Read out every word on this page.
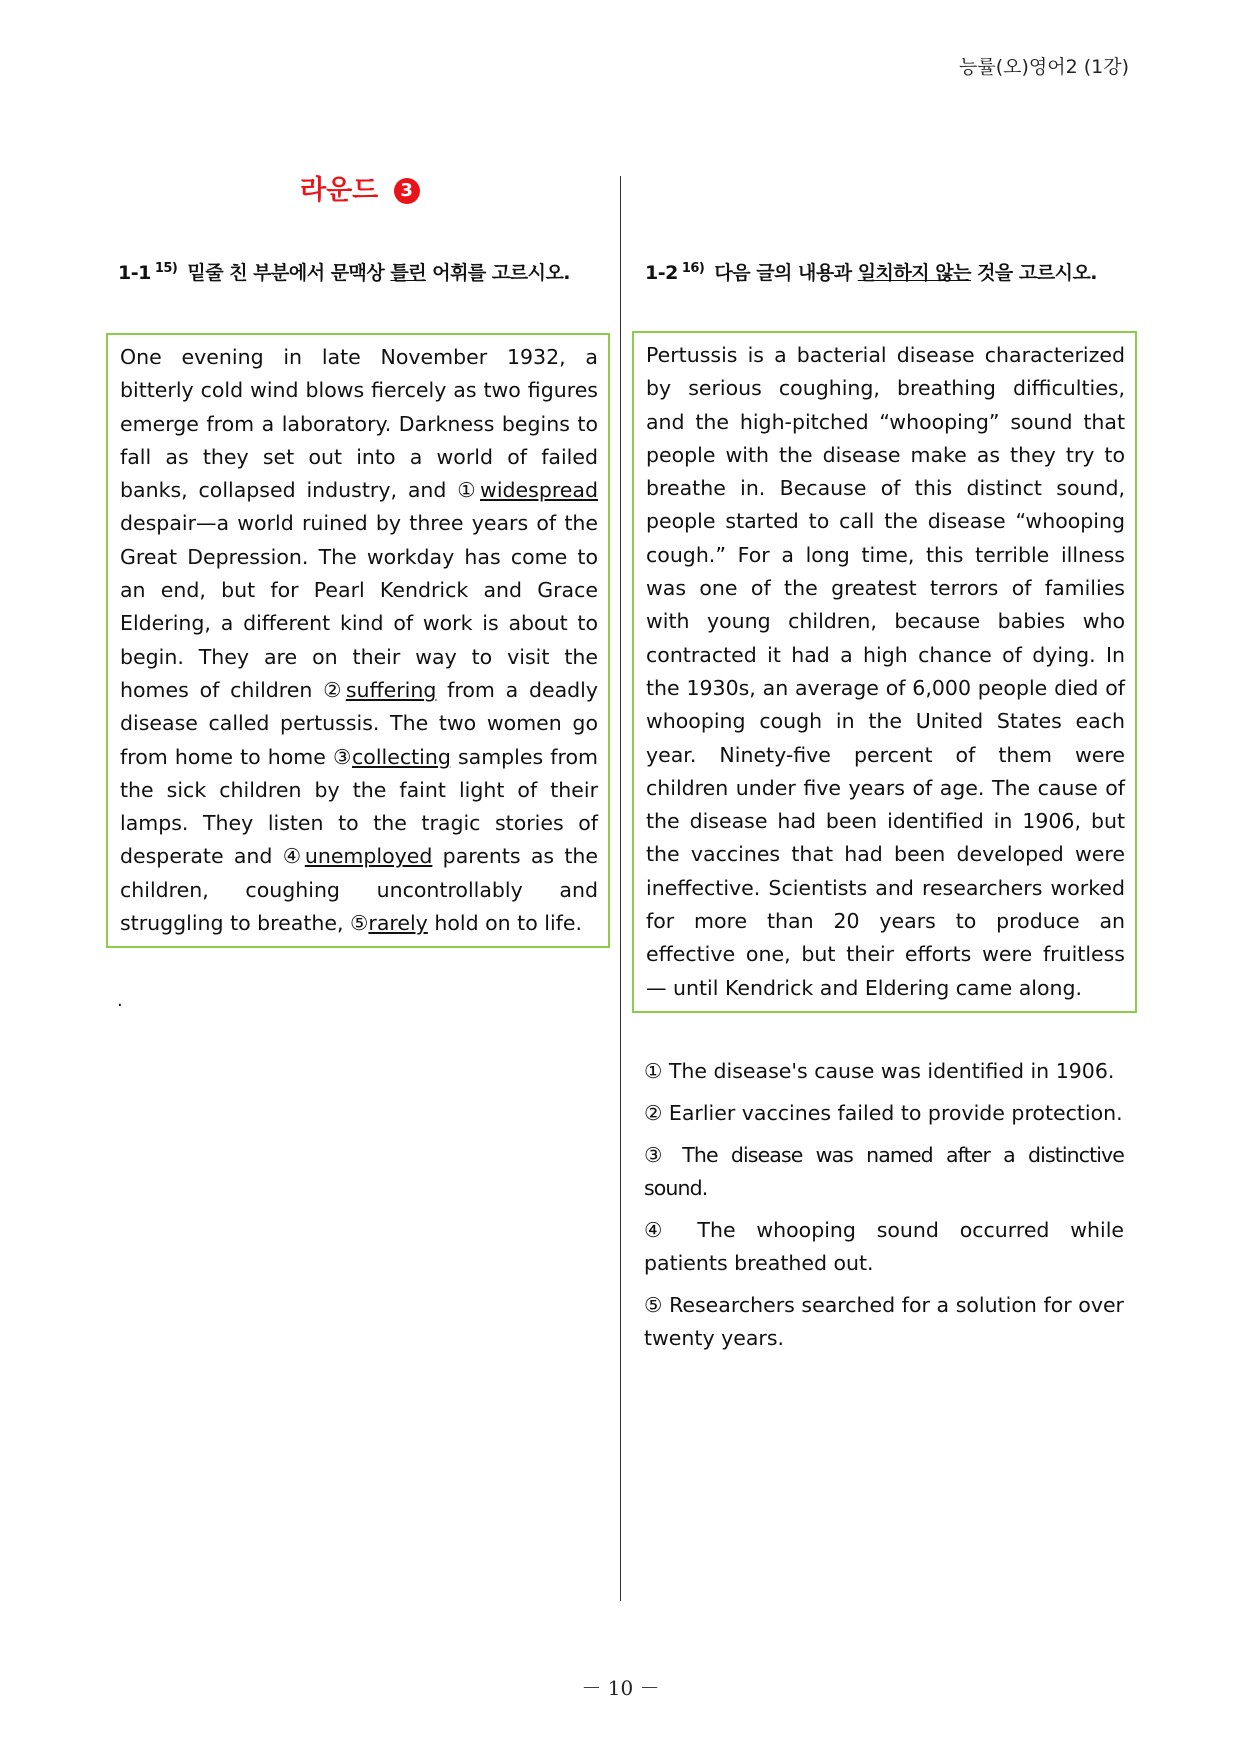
능률(오)영어2 (1강)
라운드 3
1-1 $^{15)}$ 밑줄 친 부분에서 문맥상 틀린 어휘를 고르시오.
One evening in late November 1932, a bitterly cold wind blows fiercely as two figures emerge from a laboratory. Darkness begins to fall as they set out into a world of failed banks, collapsed industry, and ①widespread despair—a world ruined by three years of the Great Depression. The workday has come to an end, but for Pearl Kendrick and Grace Eldering, a different kind of work is about to begin. They are on their way to visit the homes of children ②suffering from a deadly disease called pertussis. The two women go from home to home ③collecting samples from the sick children by the faint light of their lamps. They listen to the tragic stories of desperate and ④unemployed parents as the children, coughing uncontrollably and struggling to breathe, ⑤rarely hold on to life.
.
1-2 $^{16)}$ 다음 글의 내용과 일치하지 않는 것을 고르시오.
Pertussis is a bacterial disease characterized by serious coughing, breathing difficulties, and the high-pitched “whooping” sound that people with the disease make as they try to breathe in. Because of this distinct sound, people started to call the disease “whooping cough.” For a long time, this terrible illness was one of the greatest terrors of families with young children, because babies who contracted it had a high chance of dying. In the 1930s, an average of 6,000 people died of whooping cough in the United States each year. Ninety-five percent of them were children under five years of age. The cause of the disease had been identified in 1906, but the vaccines that had been developed were ineffective. Scientists and researchers worked for more than 20 years to produce an effective one, but their efforts were fruitless — until Kendrick and Eldering came along.
① The disease's cause was identified in 1906.
② Earlier vaccines failed to provide protection.
③ The disease was named after a distinctive sound.
④ The whooping sound occurred while patients breathed out.
⑤ Researchers searched for a solution for over twenty years.
－ 10 －
